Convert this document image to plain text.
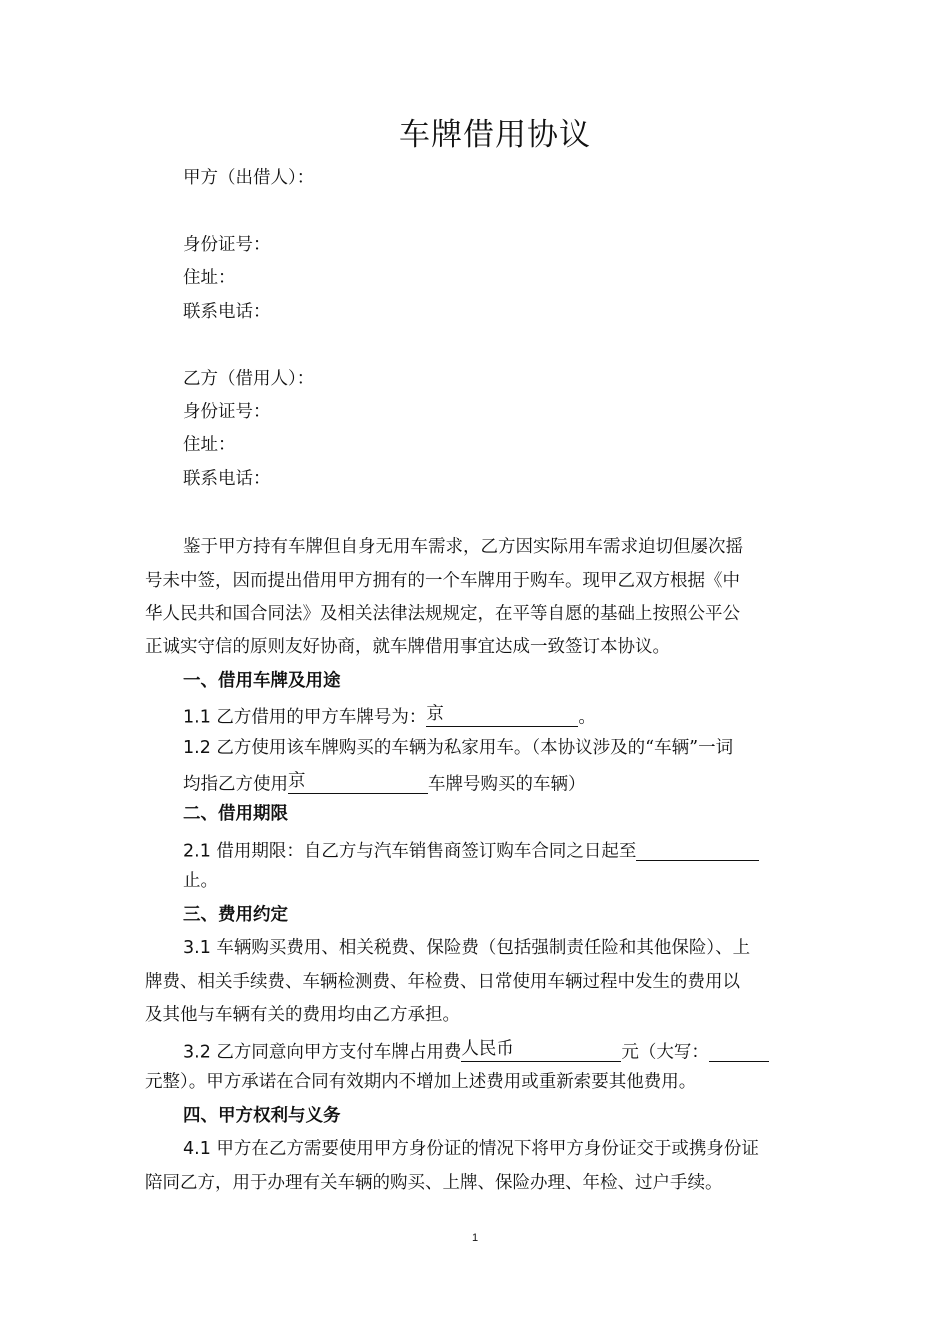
车牌借用协议
甲方（出借人）：
身份证号：
住址：
联系电话：
乙方（借用人）：
身份证号：
住址：
联系电话：
鉴于甲方持有车牌但自身无用车需求，乙方因实际用车需求迫切但屡次摇
号未中签，因而提出借用甲方拥有的一个车牌用于购车。现甲乙双方根据《中
华人民共和国合同法》及相关法律法规规定，在平等自愿的基础上按照公平公
正诚实守信的原则友好协商，就车牌借用事宜达成一致签订本协议。
一、借用车牌及用途
1.1 乙方借用的甲方车牌号为：京	。
1.2 乙方使用该车牌购买的车辆为私家用车。（本协议涉及的“车辆”一词
均指乙方使用京	车牌号购买的车辆）
二、借用期限
2.1 借用期限：自乙方与汽车销售商签订购车合同之日起至
止。
三、费用约定
3.1 车辆购买费用、相关税费、保险费（包括强制责任险和其他保险）、上
牌费、相关手续费、车辆检测费、年检费、日常使用车辆过程中发生的费用以
及其他与车辆有关的费用均由乙方承担。
3.2 乙方同意向甲方支付车牌占用费人民币	元（大写：
元整）。甲方承诺在合同有效期内不增加上述费用或重新索要其他费用。
四、甲方权利与义务
4.1 甲方在乙方需要使用甲方身份证的情况下将甲方身份证交于或携身份证
陪同乙方，用于办理有关车辆的购买、上牌、保险办理、年检、过户手续。
1
